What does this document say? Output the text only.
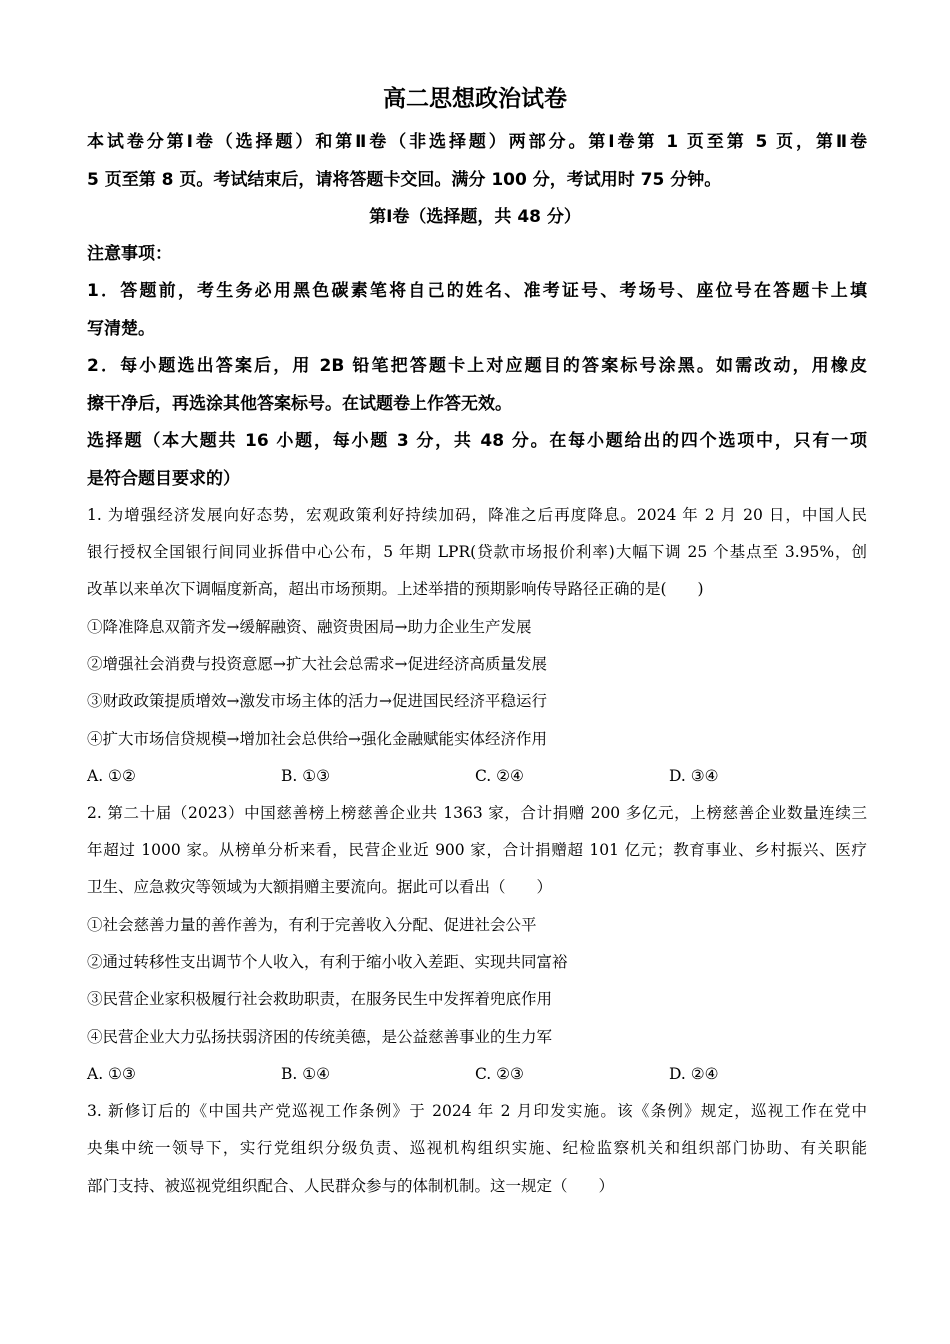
高二思想政治试卷
本试卷分第Ⅰ卷（选择题）和第Ⅱ卷（非选择题）两部分。第Ⅰ卷第 1 页至第 5 页，第Ⅱ卷
5 页至第 8 页。考试结束后，请将答题卡交回。满分 100 分，考试用时 75 分钟。
第Ⅰ卷（选择题，共 48 分）
注意事项：
1．答题前，考生务必用黑色碳素笔将自己的姓名、准考证号、考场号、座位号在答题卡上填
写清楚。
2．每小题选出答案后，用 2B 铅笔把答题卡上对应题目的答案标号涂黑。如需改动，用橡皮
擦干净后，再选涂其他答案标号。在试题卷上作答无效。
选择题（本大题共 16 小题，每小题 3 分，共 48 分。在每小题给出的四个选项中，只有一项
是符合题目要求的）
1. 为增强经济发展向好态势，宏观政策利好持续加码，降准之后再度降息。2024 年 2 月 20 日，中国人民
银行授权全国银行间同业拆借中心公布，5 年期 LPR(贷款市场报价利率)大幅下调 25 个基点至 3.95%，创
改革以来单次下调幅度新高，超出市场预期。上述举措的预期影响传导路径正确的是(　　)
①降准降息双箭齐发→缓解融资、融资贵困局→助力企业生产发展
②增强社会消费与投资意愿→扩大社会总需求→促进经济高质量发展
③财政政策提质增效→激发市场主体的活力→促进国民经济平稳运行
④扩大市场信贷规模→增加社会总供给→强化金融赋能实体经济作用
A. ①②	B. ①③	C. ②④	D. ③④
2. 第二十届（2023）中国慈善榜上榜慈善企业共 1363 家，合计捐赠 200 多亿元，上榜慈善企业数量连续三
年超过 1000 家。从榜单分析来看，民营企业近 900 家，合计捐赠超 101 亿元；教育事业、乡村振兴、医疗
卫生、应急救灾等领域为大额捐赠主要流向。据此可以看出（　　）
①社会慈善力量的善作善为，有利于完善收入分配、促进社会公平
②通过转移性支出调节个人收入，有利于缩小收入差距、实现共同富裕
③民营企业家积极履行社会救助职责，在服务民生中发挥着兜底作用
④民营企业大力弘扬扶弱济困的传统美德，是公益慈善事业的生力军
A. ①③	B. ①④	C. ②③	D. ②④
3. 新修订后的《中国共产党巡视工作条例》于 2024 年 2 月印发实施。该《条例》规定，巡视工作在党中
央集中统一领导下，实行党组织分级负责、巡视机构组织实施、纪检监察机关和组织部门协助、有关职能
部门支持、被巡视党组织配合、人民群众参与的体制机制。这一规定（　　）
